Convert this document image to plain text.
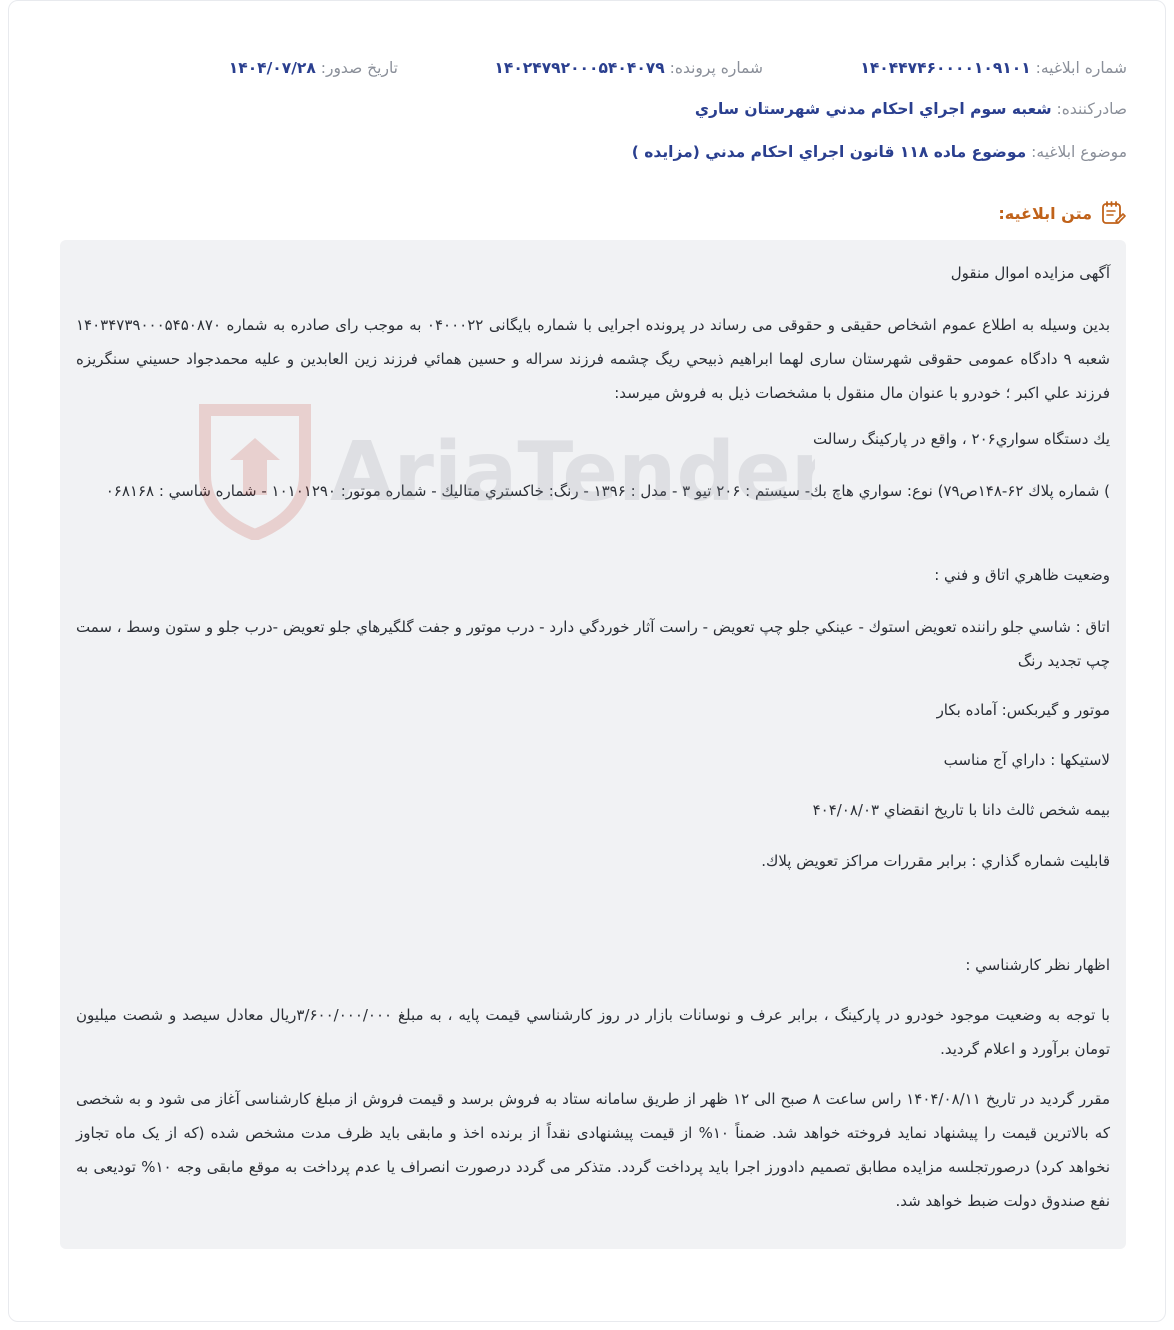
شماره ابلاغیه: ۱۴۰۴۴۷۴۶۰۰۰۰۱۰۹۱۰۱
شماره پرونده: ۱۴۰۲۴۷۹۲۰۰۰۵۴۰۴۰۷۹
تاریخ صدور: ۱۴۰۴/۰۷/۲۸
صادرکننده: شعبه سوم اجراي احكام مدني شهرستان ساري
موضوع ابلاغیه: موضوع ماده ۱۱۸ قانون اجراي احكام مدني (مزایده )
متن ابلاغیه:

آگهی مزایده اموال منقول

بدین وسیله به اطلاع عموم اشخاص حقیقی و حقوقی می رساند در پرونده اجرایی با شماره بایگانی ۰۴۰۰۰۲۲ به موجب رای صادره به شماره ۱۴۰۳۴۷۳۹۰۰۰۵۴۵۰۸۷۰ شعبه ۹ دادگاه عمومی حقوقی شهرستان ساری لهما ابراهیم ذبیحي ريگ چشمه فرزند سراله و حسين همائي فرزند زين العابدين و عليه محمدجواد حسيني سنگريزه فرزند علي اكبر ؛ خودرو با عنوان مال منقول با مشخصات ذیل به فروش میرسد:

يك دستگاه سواري۲۰۶ ، واقع در پاركينگ رسالت

) شماره پلاك ۶۲-۱۴۸ص۷۹) نوع: سواري هاچ بك- سيستم : ۲۰۶ تيو ۳ - مدل : ۱۳۹۶ - رنگ: خاكستري متاليك - شماره موتور: ۱۰۱۰۱۲۹۰ - شماره شاسي : ۰۶۸۱۶۸

وضعيت ظاهري اتاق و فني :

اتاق : شاسي جلو راننده تعويض استوك - عينكي جلو چپ تعويض - راست آثار خوردگي دارد - درب موتور و جفت گلگيرهاي جلو تعويض -درب جلو و ستون وسط ، سمت چپ تجديد رنگ

موتور و گيربكس: آماده بكار

لاستيكها : داراي آج مناسب

بيمه شخص ثالث دانا با تاريخ انقضاي ۴۰۴/۰۸/۰۳

قابليت شماره گذاري : برابر مقررات مراكز تعويض پلاك.

اظهار نظر كارشناسي :

با توجه به وضعيت موجود خودرو در پاركينگ ، برابر عرف و نوسانات بازار در روز كارشناسي قيمت پايه ، به مبلغ ۳/۶۰۰/۰۰۰/۰۰۰ريال معادل سيصد و شصت ميليون تومان برآورد و اعلام گرديد.

مقرر گردید در تاریخ ۱۴۰۴/۰۸/۱۱ راس ساعت ۸ صبح الی ۱۲ ظهر از طریق سامانه ستاد به فروش برسد و قیمت فروش از مبلغ کارشناسی آغاز می شود و به شخصی که بالاترین قیمت را پیشنهاد نماید فروخته خواهد شد. ضمناً ۱۰% از قیمت پیشنهادی نقداً از برنده اخذ و مابقی باید ظرف مدت مشخص شده (که از یک ماه تجاوز نخواهد کرد) درصورتجلسه مزایده مطابق تصمیم دادورز اجرا باید پرداخت گردد. متذکر می گردد درصورت انصراف یا عدم پرداخت به موقع مابقی وجه ۱۰% تودیعی به نفع صندوق دولت ضبط خواهد شد.
